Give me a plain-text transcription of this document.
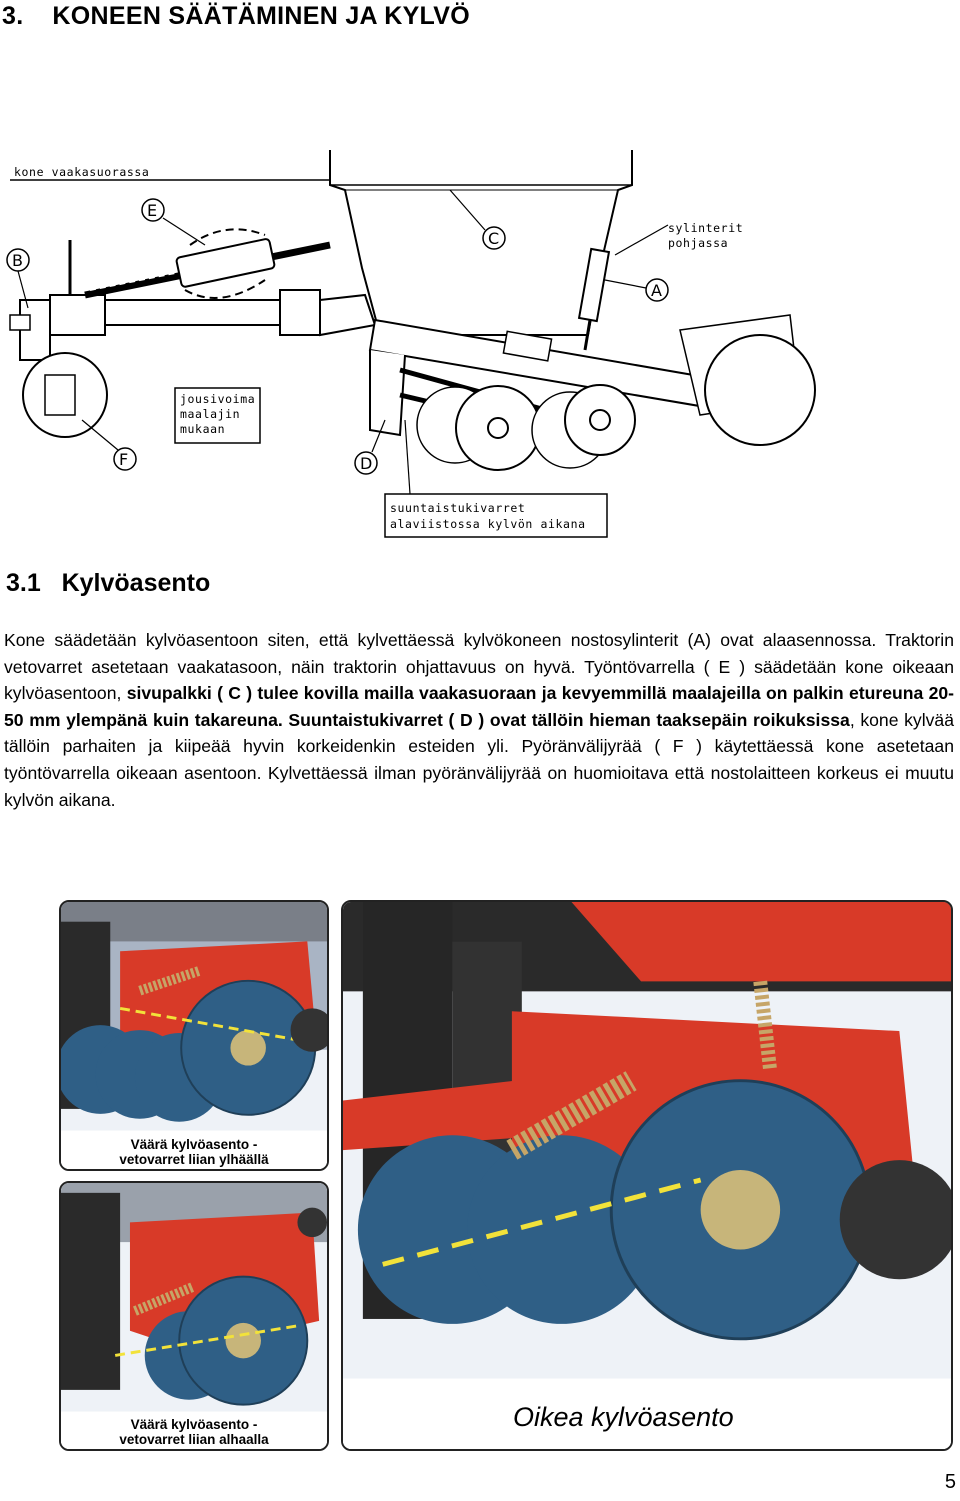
3.    KONEEN SÄÄTÄMINEN JA KYLVÖ
kone vaakasuorassa
E
B
C
A
sylinterit
pohjassa
F	D
jousivoima
maalajin
mukaan
suuntaistukivarret
alaviistossa kylvön aikana
3.1   Kylvöasento
Kone säädetään kylvöasentoon siten, että kylvettäessä kylvökoneen nostosylinterit (A) ovat alaasennossa. Traktorin vetovarret asetetaan vaakatasoon, näin traktorin ohjattavuus on hyvä. Työntövarrella ( E ) säädetään kone oikeaan kylvöasentoon, sivupalkki ( C ) tulee kovilla mailla vaakasuoraan ja kevyemmillä maalajeilla on palkin etureuna 20-50 mm ylempänä kuin takareuna. Suuntaistukivarret ( D ) ovat tällöin hieman taaksepäin roikuksissa, kone kylvää tällöin parhaiten ja kiipeää hyvin korkeidenkin esteiden yli. Pyöränvälijyrää ( F ) käytettäessä kone asetetaan työntövarrella oikeaan asentoon. Kylvettäessä ilman pyöränvälijyrää on huomioitava että nostolaitteen korkeus ei muutu kylvön aikana.
Väärä kylvöasento -
vetovarret liian ylhäällä
Väärä kylvöasento -
vetovarret liian alhaalla
Oikea kylvöasento
5
